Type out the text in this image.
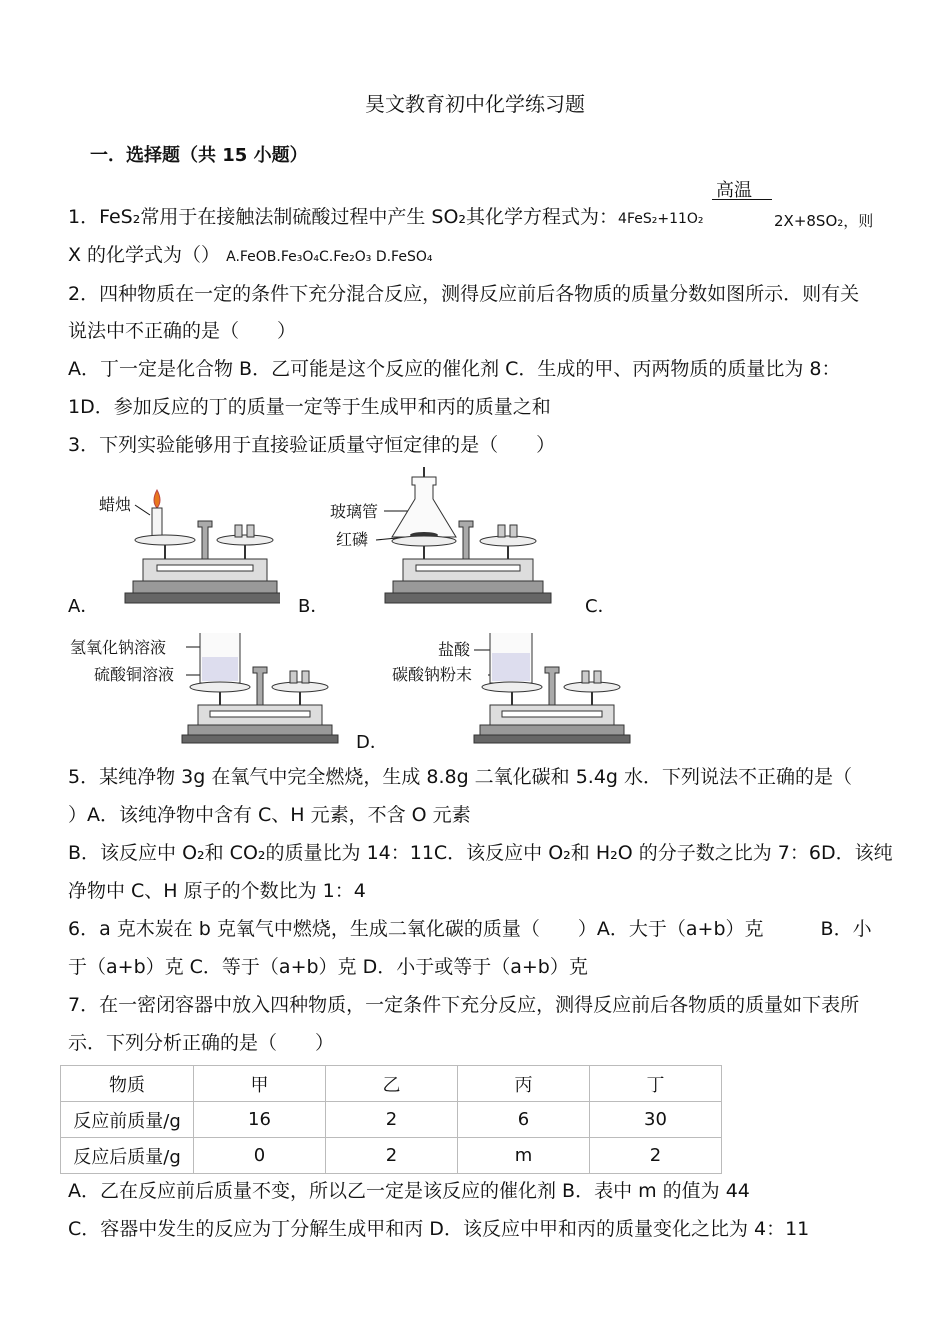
昊文教育初中化学练习题
一．选择题（共 15 小题）
高温
1．FeS₂常用于在接触法制硫酸过程中产生 SO₂其化学方程式为：4FeS₂+11O₂	2X+8SO₂，则
X 的化学式为（） A.FeOB.Fe₃O₄C.Fe₂O₃ D.FeSO₄
2．四种物质在一定的条件下充分混合反应，测得反应前后各物质的质量分数如图所示．则有关
说法中不正确的是（　　）
A．丁一定是化合物 B．乙可能是这个反应的催化剂 C．生成的甲、丙两物质的质量比为 8：
1D．参加反应的丁的质量一定等于生成甲和丙的质量之和
3．下列实验能够用于直接验证质量守恒定律的是（　　）
A．	B．	C．
D．
蜡烛	玻璃管
红磷
氢氧化钠溶液
硫酸铜溶液
盐酸
碳酸钠粉末
5．某纯净物 3g 在氧气中完全燃烧，生成 8.8g 二氧化碳和 5.4g 水．下列说法不正确的是（
）A．该纯净物中含有 C、H 元素，不含 O 元素
B．该反应中 O₂和 CO₂的质量比为 14：11C．该反应中 O₂和 H₂O 的分子数之比为 7：6D．该纯
净物中 C、H 原子的个数比为 1：4
6．a 克木炭在 b 克氧气中燃烧，生成二氧化碳的质量（　　）A．大于（a+b）克　　　B．小
于（a+b）克 C．等于（a+b）克 D．小于或等于（a+b）克
7．在一密闭容器中放入四种物质，一定条件下充分反应，测得反应前后各物质的质量如下表所
示．下列分析正确的是（　　）
物质	甲	乙	丙	丁
反应前质量/g	16	2	6	30
反应后质量/g	0	2	m	2
A．乙在反应前后质量不变，所以乙一定是该反应的催化剂 B．表中 m 的值为 44
C．容器中发生的反应为丁分解生成甲和丙 D．该反应中甲和丙的质量变化之比为 4：11
